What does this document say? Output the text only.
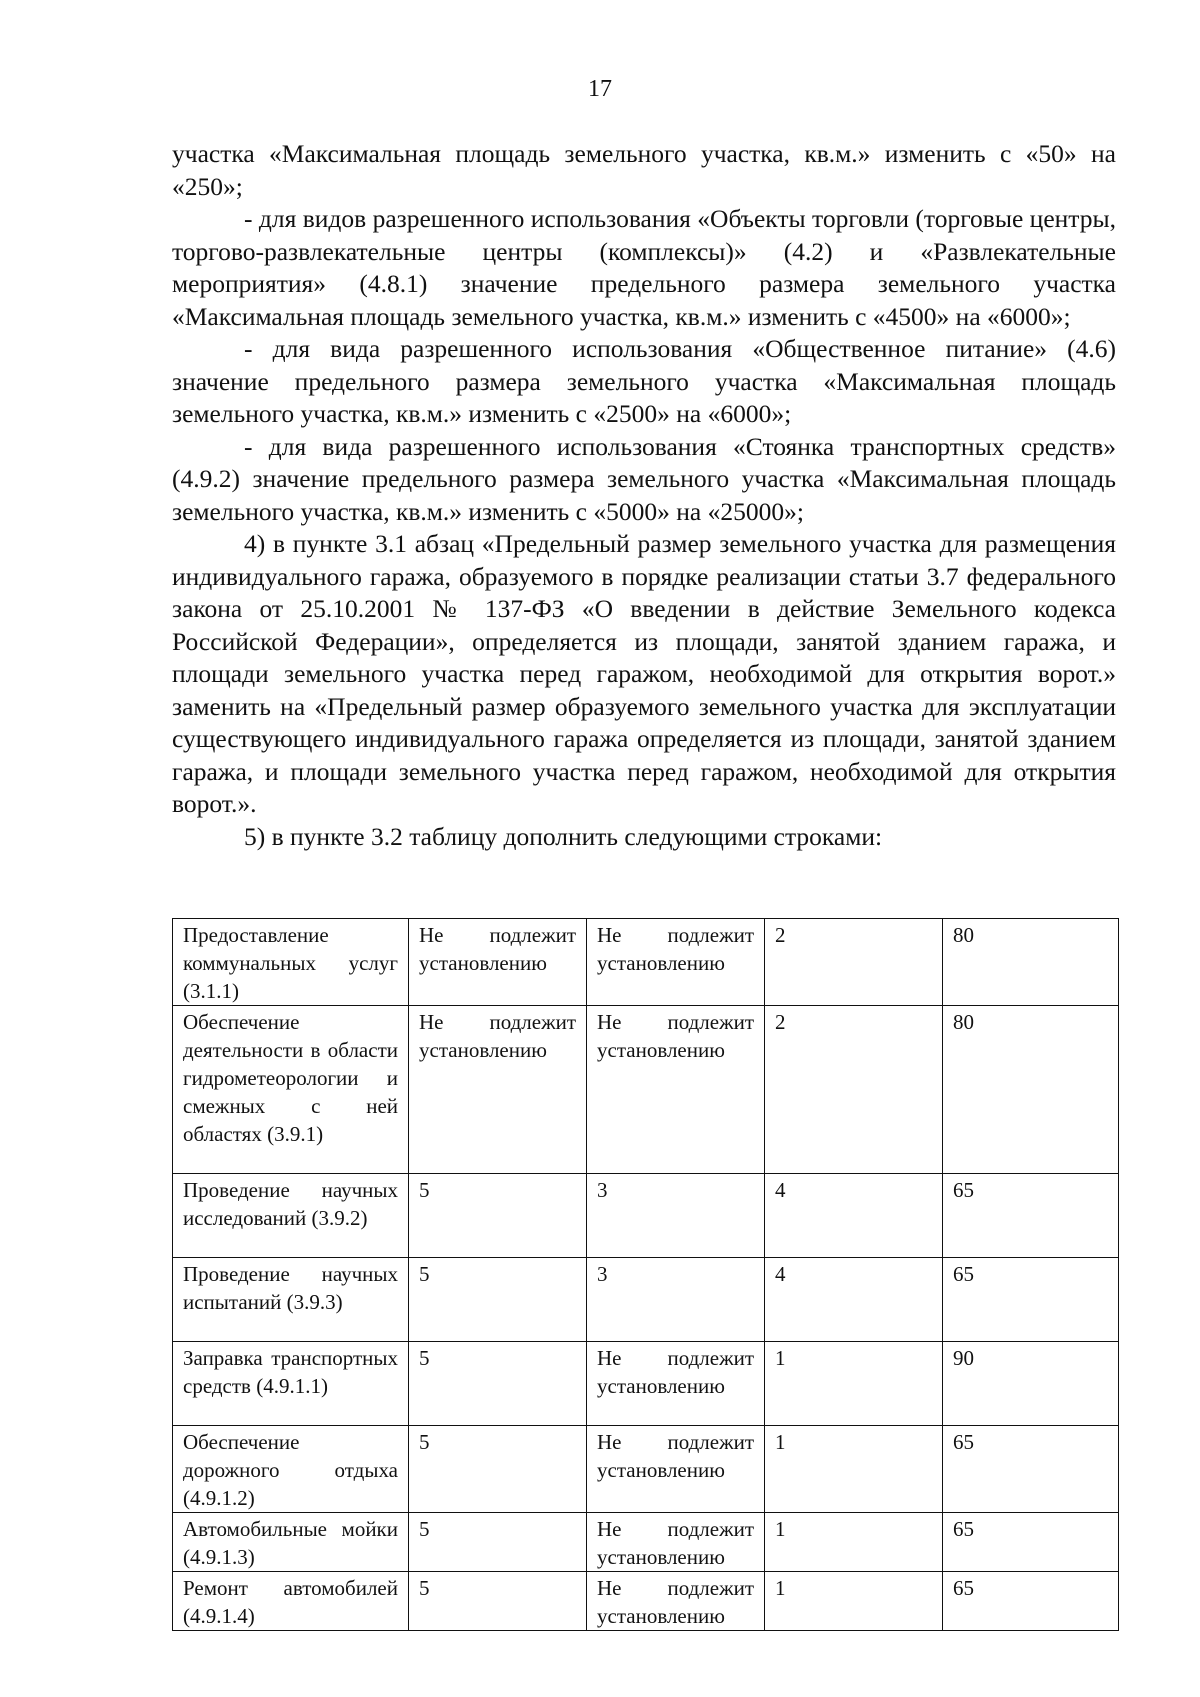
17

участка «Максимальная площадь земельного участка, кв.м.» изменить с «50» на «250»;

- для видов разрешенного использования «Объекты торговли (торговые центры, торгово-развлекательные центры (комплексы)» (4.2) и «Развлекательные мероприятия» (4.8.1) значение предельного размера земельного участка «Максимальная площадь земельного участка, кв.м.» изменить с «4500» на «6000»;

- для вида разрешенного использования «Общественное питание» (4.6) значение предельного размера земельного участка «Максимальная площадь земельного участка, кв.м.» изменить с «2500» на «6000»;

- для вида разрешенного использования «Стоянка транспортных средств» (4.9.2) значение предельного размера земельного участка «Максимальная площадь земельного участка, кв.м.» изменить с «5000» на «25000»;

4) в пункте 3.1 абзац «Предельный размер земельного участка для размещения индивидуального гаража, образуемого в порядке реализации статьи 3.7 федерального закона от 25.10.2001 № 137-ФЗ «О введении в действие Земельного кодекса Российской Федерации», определяется из площади, занятой зданием гаража, и площади земельного участка перед гаражом, необходимой для открытия ворот.» заменить на «Предельный размер образуемого земельного участка для эксплуатации существующего индивидуального гаража определяется из площади, занятой зданием гаража, и площади земельного участка перед гаражом, необходимой для открытия ворот.».

5) в пункте 3.2 таблицу дополнить следующими строками:

Предоставление коммунальных услуг (3.1.1)	Не подлежит установлению	Не подлежит установлению	2	80
Обеспечение деятельности в области гидрометеорологии и смежных с ней областях (3.9.1)	Не подлежит установлению	Не подлежит установлению	2	80
Проведение научных исследований (3.9.2)	5	3	4	65
Проведение научных испытаний (3.9.3)	5	3	4	65
Заправка транспортных средств (4.9.1.1)	5	Не подлежит установлению	1	90
Обеспечение дорожного отдыха (4.9.1.2)	5	Не подлежит установлению	1	65
Автомобильные мойки (4.9.1.3)	5	Не подлежит установлению	1	65
Ремонт автомобилей (4.9.1.4)	5	Не подлежит установлению	1	65
